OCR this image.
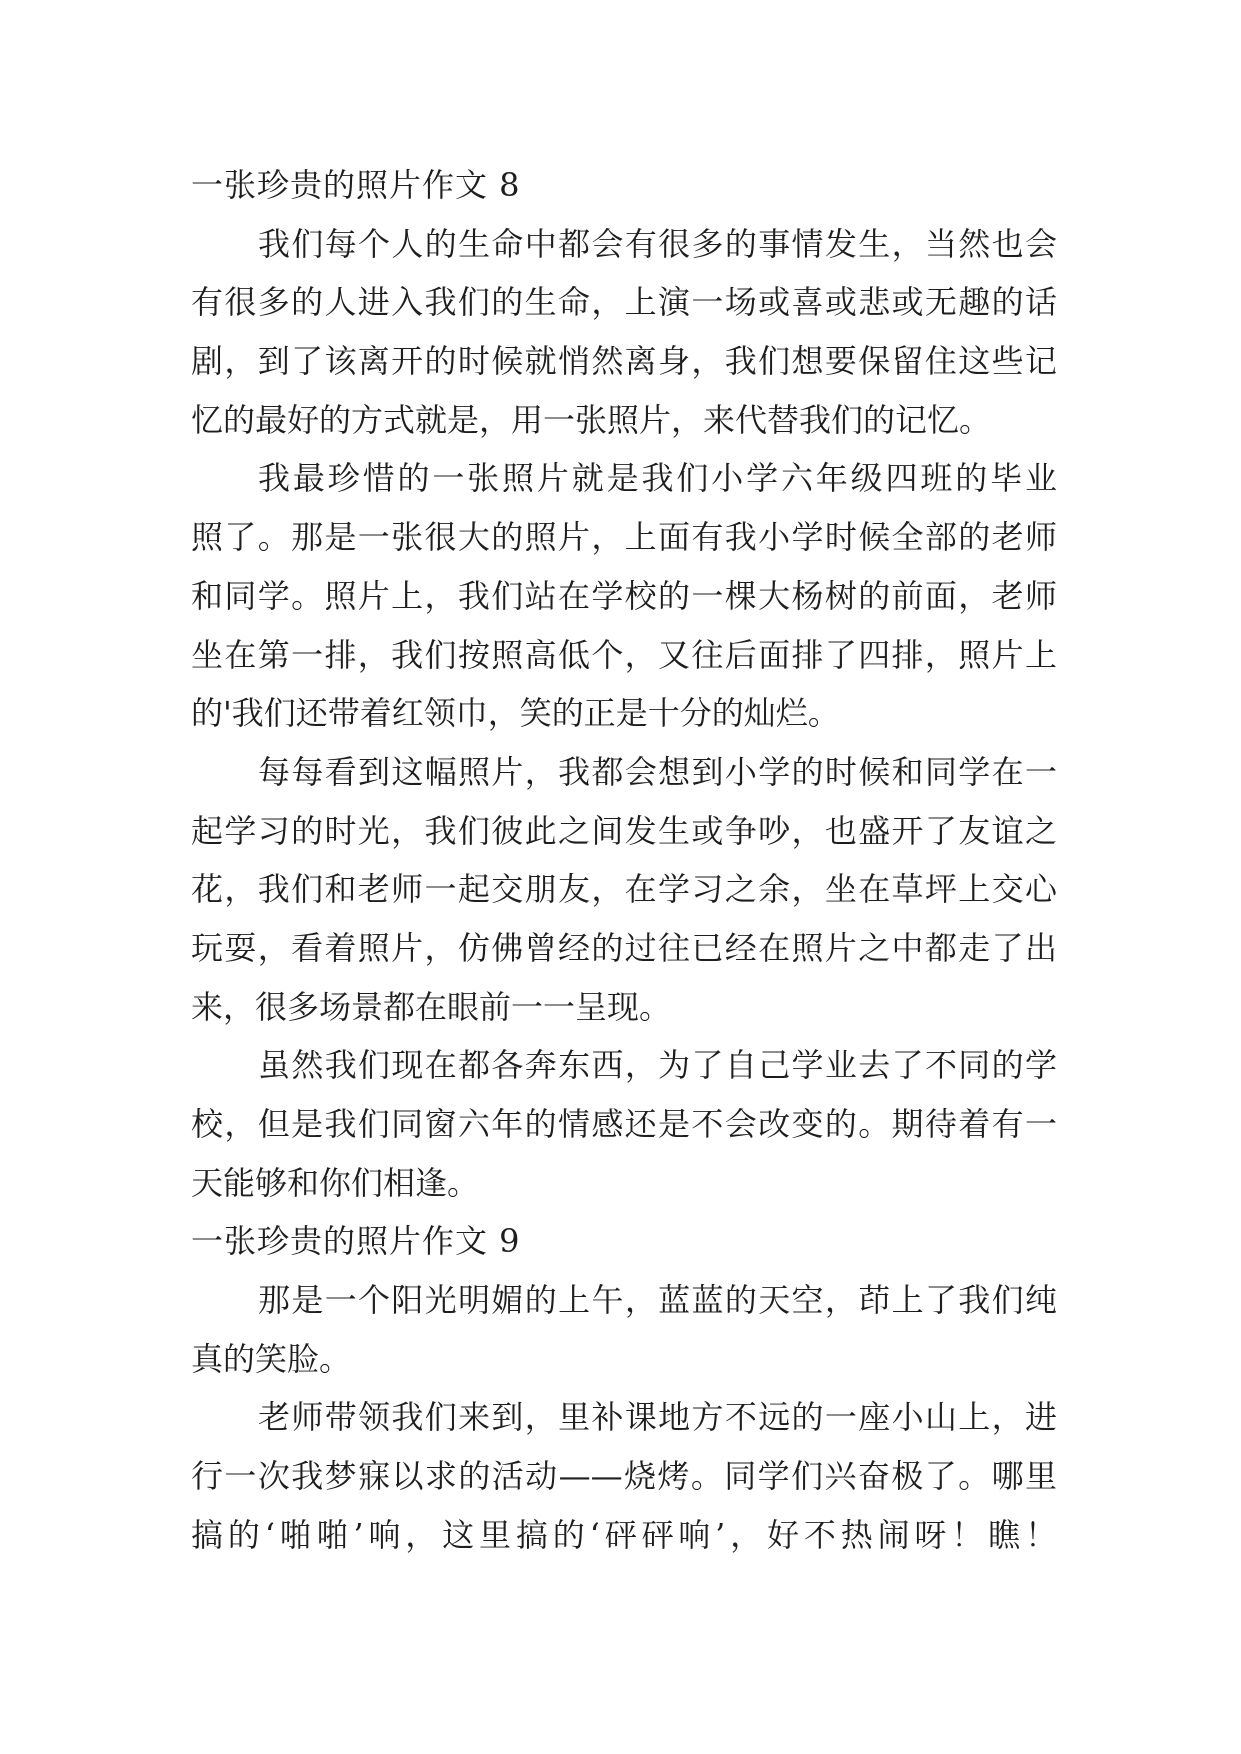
一张珍贵的照片作文 8
我们每个人的生命中都会有很多的事情发生，当然也会
有很多的人进入我们的生命，上演一场或喜或悲或无趣的话
剧，到了该离开的时候就悄然离身，我们想要保留住这些记
忆的最好的方式就是，用一张照片，来代替我们的记忆。
我最珍惜的一张照片就是我们小学六年级四班的毕业
照了。那是一张很大的照片，上面有我小学时候全部的老师
和同学。照片上，我们站在学校的一棵大杨树的前面，老师
坐在第一排，我们按照高低个，又往后面排了四排，照片上
的'我们还带着红领巾，笑的正是十分的灿烂。
每每看到这幅照片，我都会想到小学的时候和同学在一
起学习的时光，我们彼此之间发生或争吵，也盛开了友谊之
花，我们和老师一起交朋友，在学习之余，坐在草坪上交心
玩耍，看着照片，仿佛曾经的过往已经在照片之中都走了出
来，很多场景都在眼前一一呈现。
虽然我们现在都各奔东西，为了自己学业去了不同的学
校，但是我们同窗六年的情感还是不会改变的。期待着有一
天能够和你们相逢。
一张珍贵的照片作文 9
那是一个阳光明媚的上午，蓝蓝的天空，茚上了我们纯
真的笑脸。
老师带领我们来到，里补课地方不远的一座小山上，进
行一次我梦寐以求的活动——烧烤。同学们兴奋极了。哪里
搞的‘啪啪’响，这里搞的‘砰砰响’，好不热闹呀！瞧！
